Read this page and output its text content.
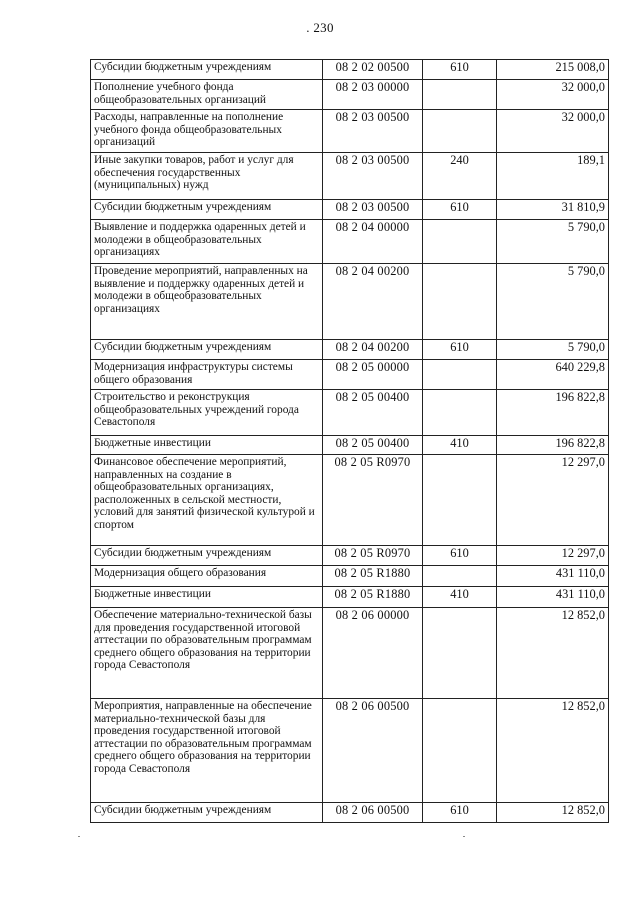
. 230
Субсидии бюджетным учреждениям	08 2 02 00500	610	215 008,0
Пополнение учебного фонда общеобразовательных организаций	08 2 03 00000		32 000,0
Расходы, направленные на пополнение учебного фонда общеобразовательных организаций	08 2 03 00500		32 000,0
Иные закупки товаров, работ и услуг для обеспечения государственных (муниципальных) нужд	08 2 03 00500	240	189,1
Субсидии бюджетным учреждениям	08 2 03 00500	610	31 810,9
Выявление и поддержка одаренных детей и молодежи в общеобразовательных организациях	08 2 04 00000		5 790,0
Проведение мероприятий, направленных на выявление и поддержку одаренных детей и молодежи в общеобразовательных организациях	08 2 04 00200		5 790,0
Субсидии бюджетным учреждениям	08 2 04 00200	610	5 790,0
Модернизация инфраструктуры системы общего образования	08 2 05 00000		640 229,8
Строительство и реконструкция общеобразовательных учреждений города Севастополя	08 2 05 00400		196 822,8
Бюджетные инвестиции	08 2 05 00400	410	196 822,8
Финансовое обеспечение мероприятий, направленных на создание в общеобразовательных организациях, расположенных в сельской местности, условий для занятий физической культурой и спортом	08 2 05 R0970		12 297,0
Субсидии бюджетным учреждениям	08 2 05 R0970	610	12 297,0
Модернизация общего образования	08 2 05 R1880		431 110,0
Бюджетные инвестиции	08 2 05 R1880	410	431 110,0
Обеспечение материально-технической базы для проведения государственной итоговой аттестации по образовательным программам среднего общего образования на территории города Севастополя	08 2 06 00000		12 852,0
Мероприятия, направленные на обеспечение материально-технической базы для проведения государственной итоговой аттестации по образовательным программам среднего общего образования на территории города Севастополя	08 2 06 00500		12 852,0
Субсидии бюджетным учреждениям	08 2 06 00500	610	12 852,0
